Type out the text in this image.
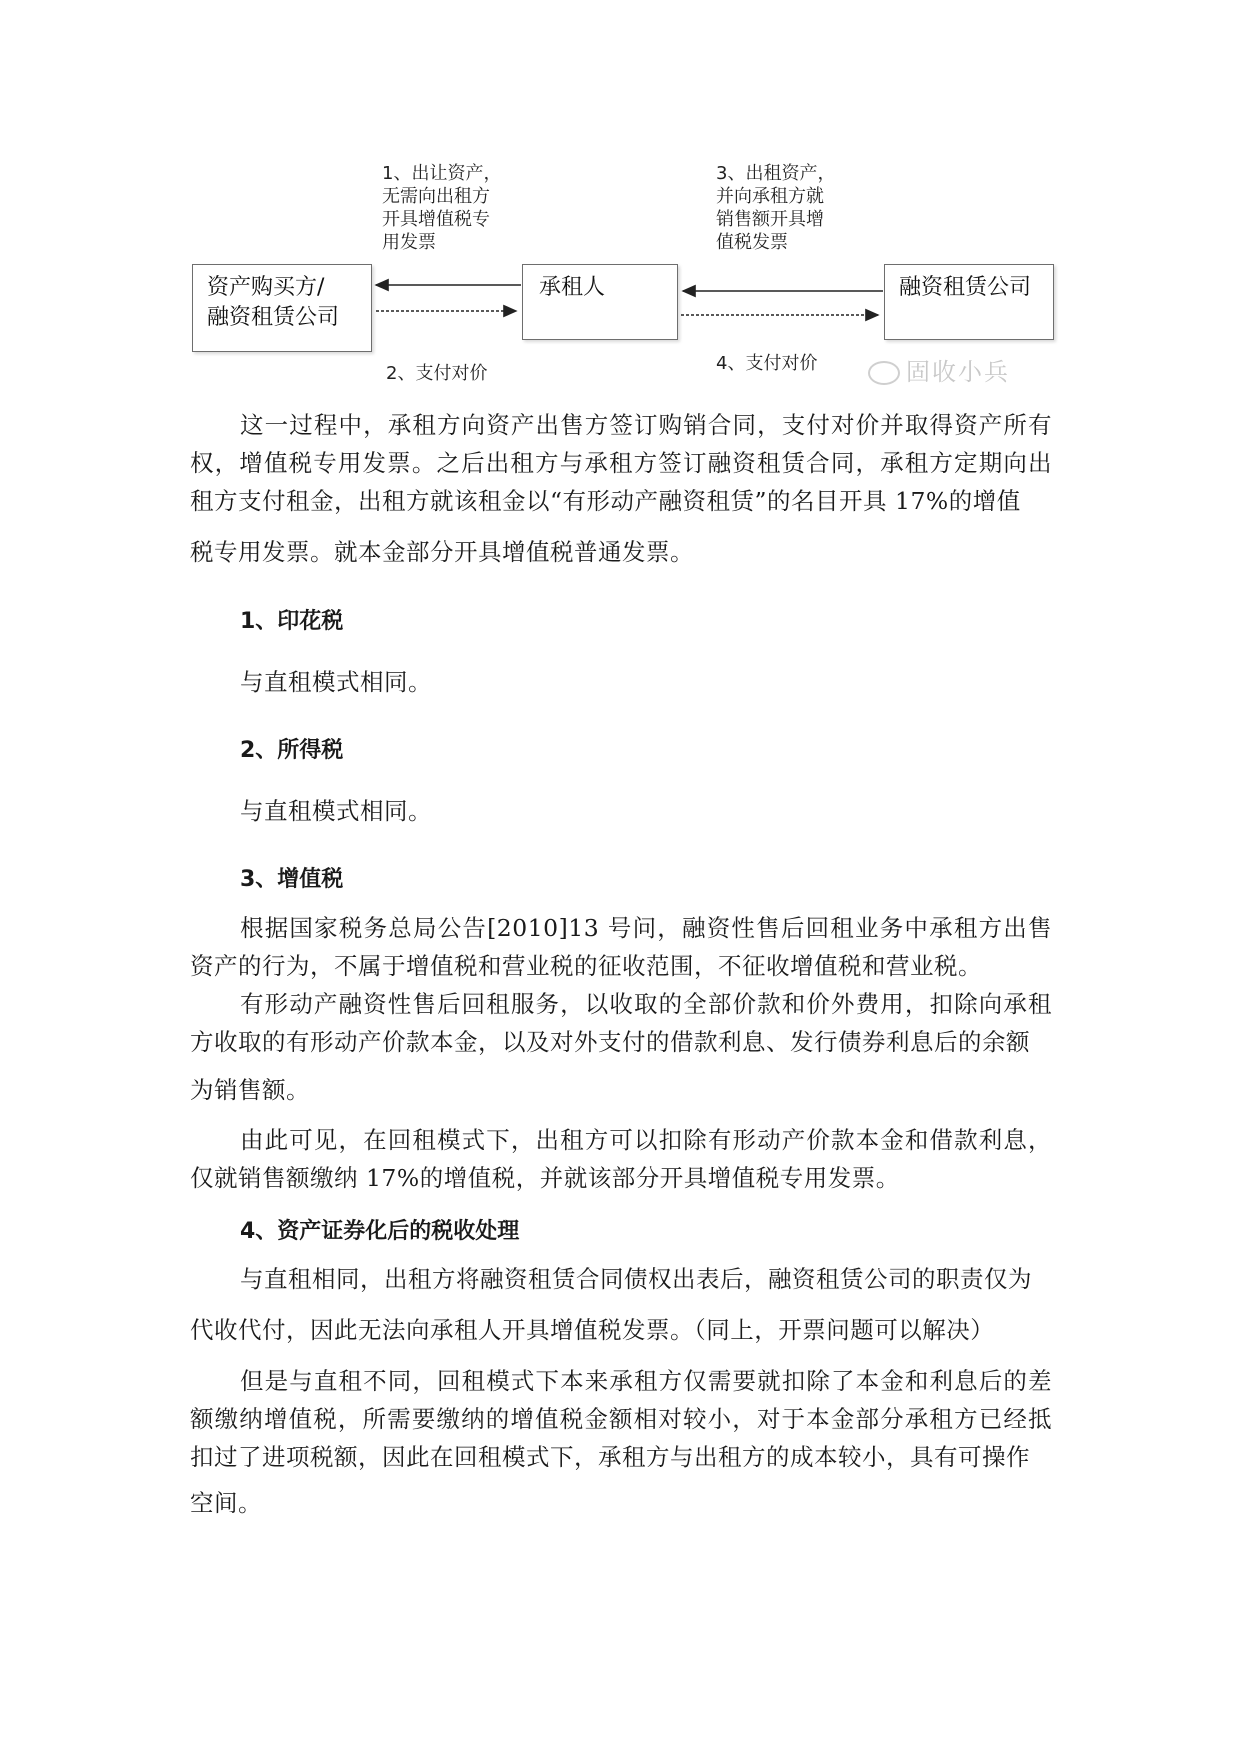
资产购买方/
融资租赁公司
承租人	融资租赁公司
1、出让资产，
无需向出租方
开具增值税专
用发票
3、出租资产，
并向承租方就
销售额开具增
值税发票
2、支付对价	4、支付对价	固收小兵

这一过程中，承租方向资产出售方签订购销合同，支付对价并取得资产所有权，增值税专用发票。之后出租方与承租方签订融资租赁合同，承租方定期向出租方支付租金，出租方就该租金以“有形动产融资租赁”的名目开具 17%的增值

税专用发票。就本金部分开具增值税普通发票。

1、印花税

与直租模式相同。

2、所得税

与直租模式相同。

3、增值税

根据国家税务总局公告[2010]13 号问，融资性售后回租业务中承租方出售资产的行为，不属于增值税和营业税的征收范围，不征收增值税和营业税。

有形动产融资性售后回租服务，以收取的全部价款和价外费用，扣除向承租方收取的有形动产价款本金，以及对外支付的借款利息、发行债券利息后的余额

为销售额。

由此可见，在回租模式下，出租方可以扣除有形动产价款本金和借款利息，仅就销售额缴纳 17%的增值税，并就该部分开具增值税专用发票。

4、资产证券化后的税收处理

与直租相同，出租方将融资租赁合同债权出表后，融资租赁公司的职责仅为

代收代付，因此无法向承租人开具增值税发票。（同上，开票问题可以解决）

但是与直租不同，回租模式下本来承租方仅需要就扣除了本金和利息后的差额缴纳增值税，所需要缴纳的增值税金额相对较小，对于本金部分承租方已经抵扣过了进项税额，因此在回租模式下，承租方与出租方的成本较小，具有可操作

空间。
